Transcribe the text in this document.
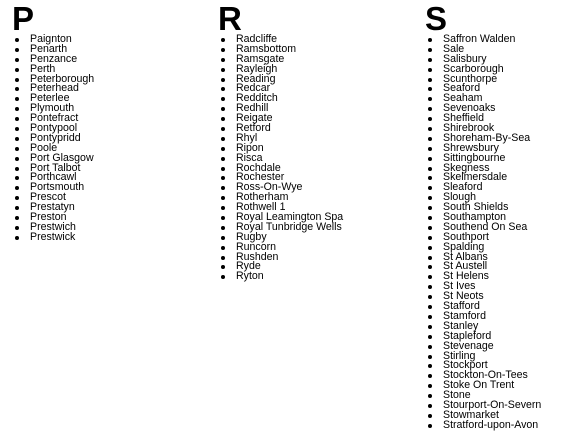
P
Paignton
Penarth
Penzance
Perth
Peterborough
Peterhead
Peterlee
Plymouth
Pontefract
Pontypool
Pontypridd
Poole
Port Glasgow
Port Talbot
Porthcawl
Portsmouth
Prescot
Prestatyn
Preston
Prestwich
Prestwick
R
Radcliffe
Ramsbottom
Ramsgate
Rayleigh
Reading
Redcar
Redditch
Redhill
Reigate
Retford
Rhyl
Ripon
Risca
Rochdale
Rochester
Ross-On-Wye
Rotherham
Rothwell 1
Royal Leamington Spa
Royal Tunbridge Wells
Rugby
Runcorn
Rushden
Ryde
Ryton
S
Saffron Walden
Sale
Salisbury
Scarborough
Scunthorpe
Seaford
Seaham
Sevenoaks
Sheffield
Shirebrook
Shoreham-By-Sea
Shrewsbury
Sittingbourne
Skegness
Skelmersdale
Sleaford
Slough
South Shields
Southampton
Southend On Sea
Southport
Spalding
St Albans
St Austell
St Helens
St Ives
St Neots
Stafford
Stamford
Stanley
Stapleford
Stevenage
Stirling
Stockport
Stockton-On-Tees
Stoke On Trent
Stone
Stourport-On-Severn
Stowmarket
Stratford-upon-Avon
